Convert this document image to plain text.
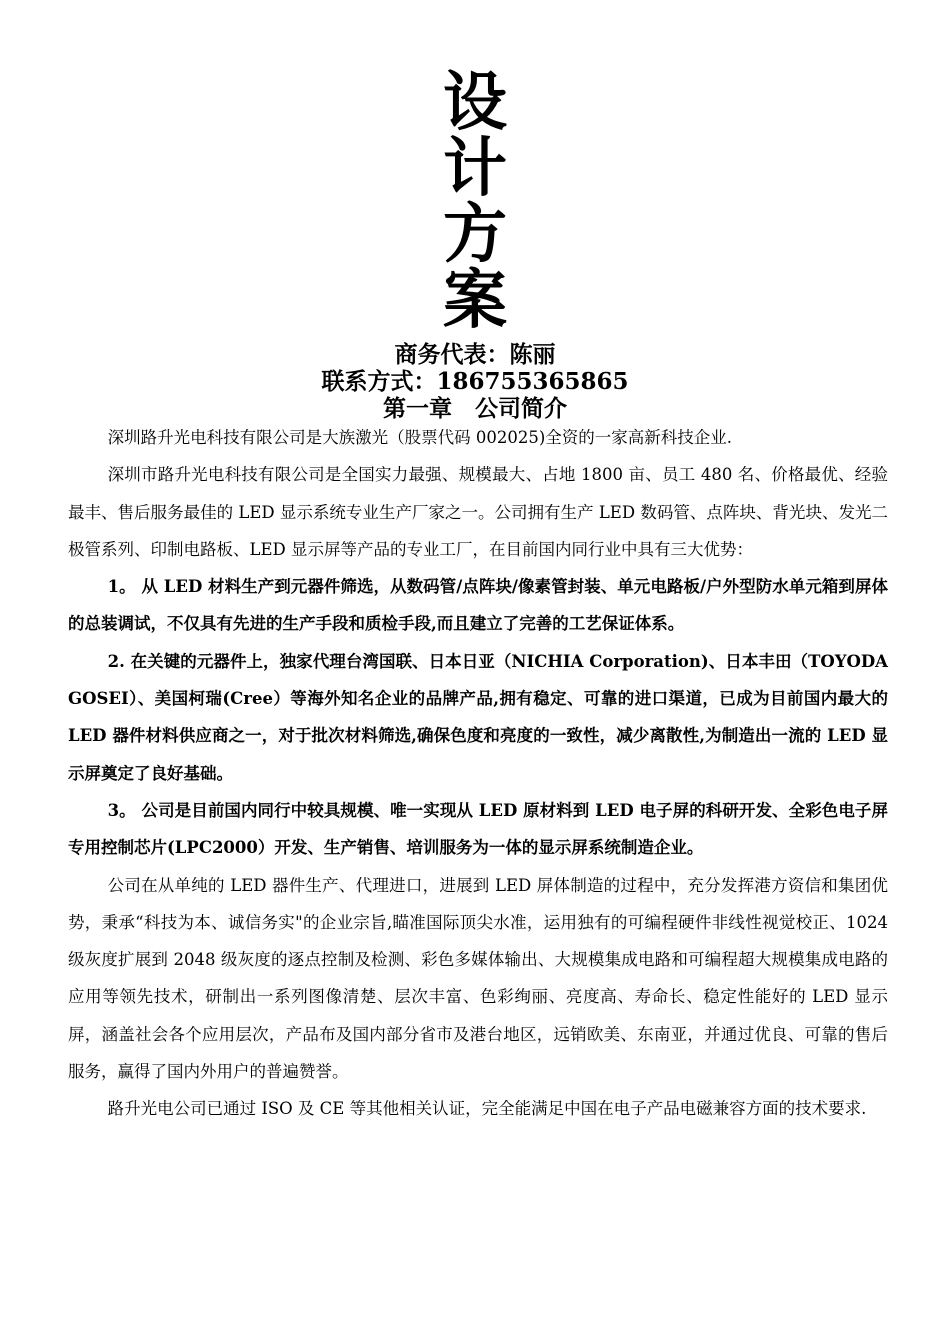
设
计
方
案

商务代表：陈丽

联系方式：186755365865

第一章　公司简介

深圳路升光电科技有限公司是大族激光（股票代码 002025)全资的一家高新科技企业.

深圳市路升光电科技有限公司是全国实力最强、规模最大、占地 1800 亩、员工 480 名、价格最优、经验最丰、售后服务最佳的 LED 显示系统专业生产厂家之一。公司拥有生产 LED 数码管、点阵块、背光块、发光二极管系列、印制电路板、LED 显示屏等产品的专业工厂，在目前国内同行业中具有三大优势：

1。 从 LED 材料生产到元器件筛选，从数码管/点阵块/像素管封装、单元电路板/户外型防水单元箱到屏体的总装调试，不仅具有先进的生产手段和质检手段,而且建立了完善的工艺保证体系。

2. 在关键的元器件上，独家代理台湾国联、日本日亚（NICHIA Corporation)、日本丰田（TOYODA GOSEI）、美国柯瑞(Cree）等海外知名企业的品牌产品,拥有稳定、可靠的进口渠道，已成为目前国内最大的 LED 器件材料供应商之一，对于批次材料筛选,确保色度和亮度的一致性，减少离散性,为制造出一流的 LED 显示屏奠定了良好基础。

3。 公司是目前国内同行中较具规模、唯一实现从 LED 原材料到 LED 电子屏的科研开发、全彩色电子屏专用控制芯片(LPC2000）开发、生产销售、培训服务为一体的显示屏系统制造企业。

公司在从单纯的 LED 器件生产、代理进口，进展到 LED 屏体制造的过程中，充分发挥港方资信和集团优势，秉承“科技为本、诚信务实"的企业宗旨,瞄准国际顶尖水准，运用独有的可编程硬件非线性视觉校正、1024 级灰度扩展到 2048 级灰度的逐点控制及检测、彩色多媒体输出、大规模集成电路和可编程超大规模集成电路的应用等领先技术，研制出一系列图像清楚、层次丰富、色彩绚丽、亮度高、寿命长、稳定性能好的 LED 显示屏，涵盖社会各个应用层次，产品布及国内部分省市及港台地区，远销欧美、东南亚，并通过优良、可靠的售后服务，赢得了国内外用户的普遍赞誉。

路升光电公司已通过 ISO 及 CE 等其他相关认证，完全能满足中国在电子产品电磁兼容方面的技术要求.
